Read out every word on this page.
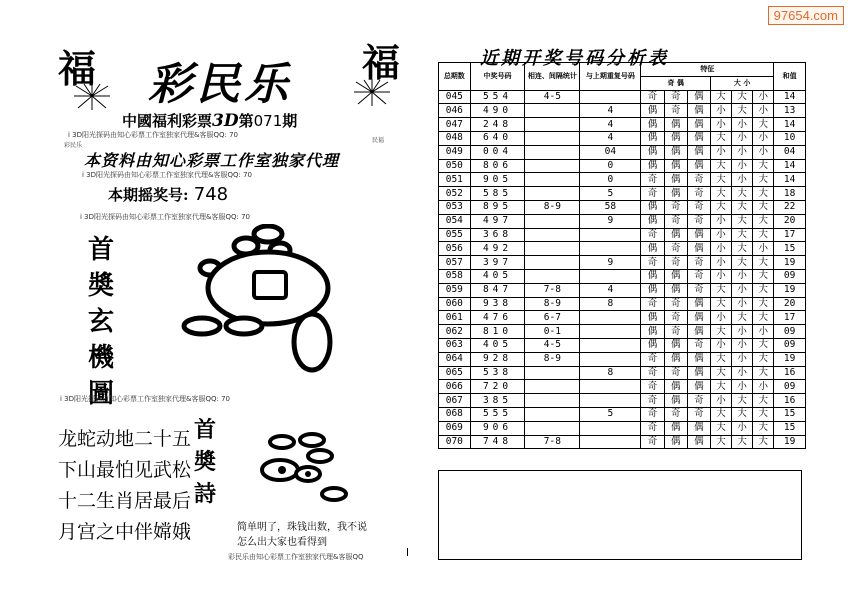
97654.com
福	福
彩民乐
中國福利彩票3D第071期
i 3D阳光探码由知心彩票工作室独家代理&客服QQ: 70
彩民乐
民福
本资料由知心彩票工作室独家代理
i 3D阳光探码由知心彩票工作室独家代理&客服QQ: 70
本期摇奖号: 748
i 3D阳光探码由知心彩票工作室独家代理&客服QQ: 70
首
奬
玄
機
圖
i 3D阳光探码由知心彩票工作室独家代理&客服QQ: 70
龙蛇动地二十五
下山最怕见武松
十二生肖居最后
月宫之中伴嫦娥
首
奬
詩
简单明了，珠钱出数，我不说
怎么出大家也看得到
彩民乐由知心彩票工作室独家代理&客服QQ
近期开奖号码分析表
总期数	中奖号码	相连、间隔统计	与上期重复号码	特征						和值
				奇 偶			大 小			
045	554	4-5		奇	奇	偶	大	大	小	14
046	490		4	偶	奇	偶	小	大	小	13
047	248		4	偶	偶	偶	小	小	大	14
048	640		4	偶	偶	偶	大	小	小	10
049	004		04	偶	偶	偶	小	小	小	04
050	806		0	偶	偶	偶	大	小	大	14
051	905		0	奇	偶	奇	大	小	大	14
052	585		5	奇	偶	奇	大	大	大	18
053	895	8-9	58	偶	奇	奇	大	大	大	22
054	497		9	偶	奇	奇	小	大	大	20
055	368			奇	偶	偶	小	大	大	17
056	492			偶	奇	偶	小	大	小	15
057	397		9	奇	奇	奇	小	大	大	19
058	405			偶	偶	奇	小	小	大	09
059	847	7-8	4	偶	偶	奇	大	小	大	19
060	938	8-9	8	奇	奇	偶	大	小	大	20
061	476	6-7		偶	奇	偶	小	大	大	17
062	810	0-1		偶	奇	偶	大	小	小	09
063	405	4-5		偶	偶	奇	小	小	大	09
064	928	8-9		奇	偶	偶	大	小	大	19
065	538		8	奇	奇	偶	大	小	大	16
066	720			奇	偶	偶	大	小	小	09
067	385			奇	偶	奇	小	大	大	16
068	555		5	奇	奇	奇	大	大	大	15
069	906			奇	偶	偶	大	小	大	15
070	748	7-8		奇	偶	偶	大	大	大	19
